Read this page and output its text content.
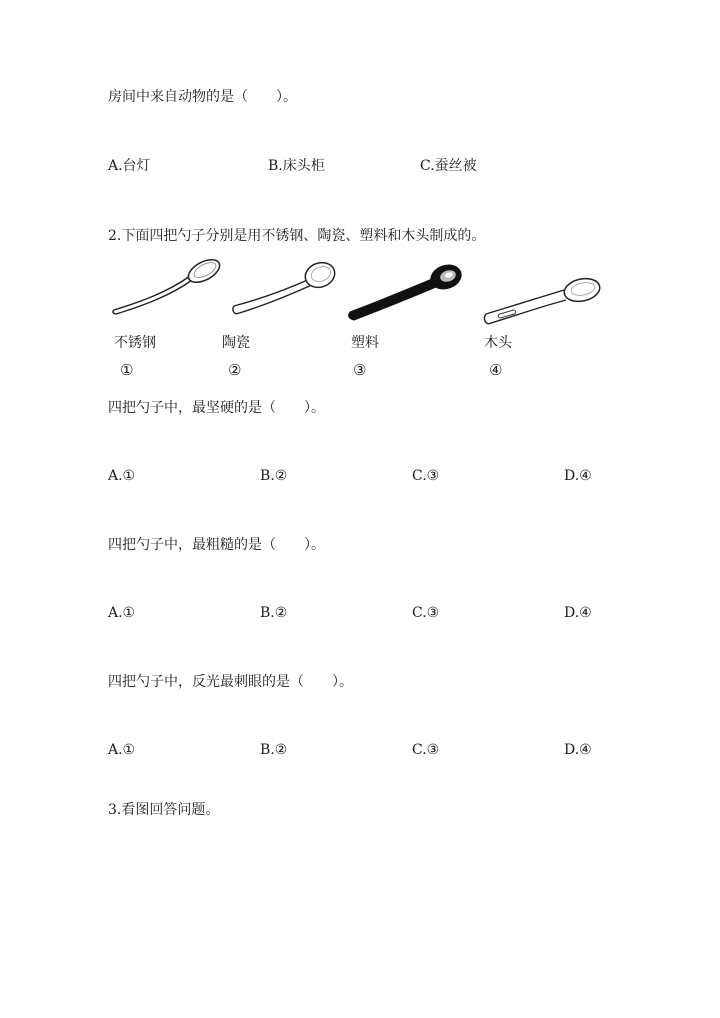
房间中来自动物的是（　　）。
A.台灯	B.床头柜	C.蚕丝被
2.下面四把勺子分别是用不锈钢、陶瓷、塑料和木头制成的。
不锈钢	陶瓷	塑料	木头
①	②	③	④
四把勺子中，最坚硬的是（　　）。
A.①	B.②	C.③	D.④
四把勺子中，最粗糙的是（　　）。
A.①	B.②	C.③	D.④
四把勺子中，反光最刺眼的是（　　）。
A.①	B.②	C.③	D.④
3.看图回答问题。
